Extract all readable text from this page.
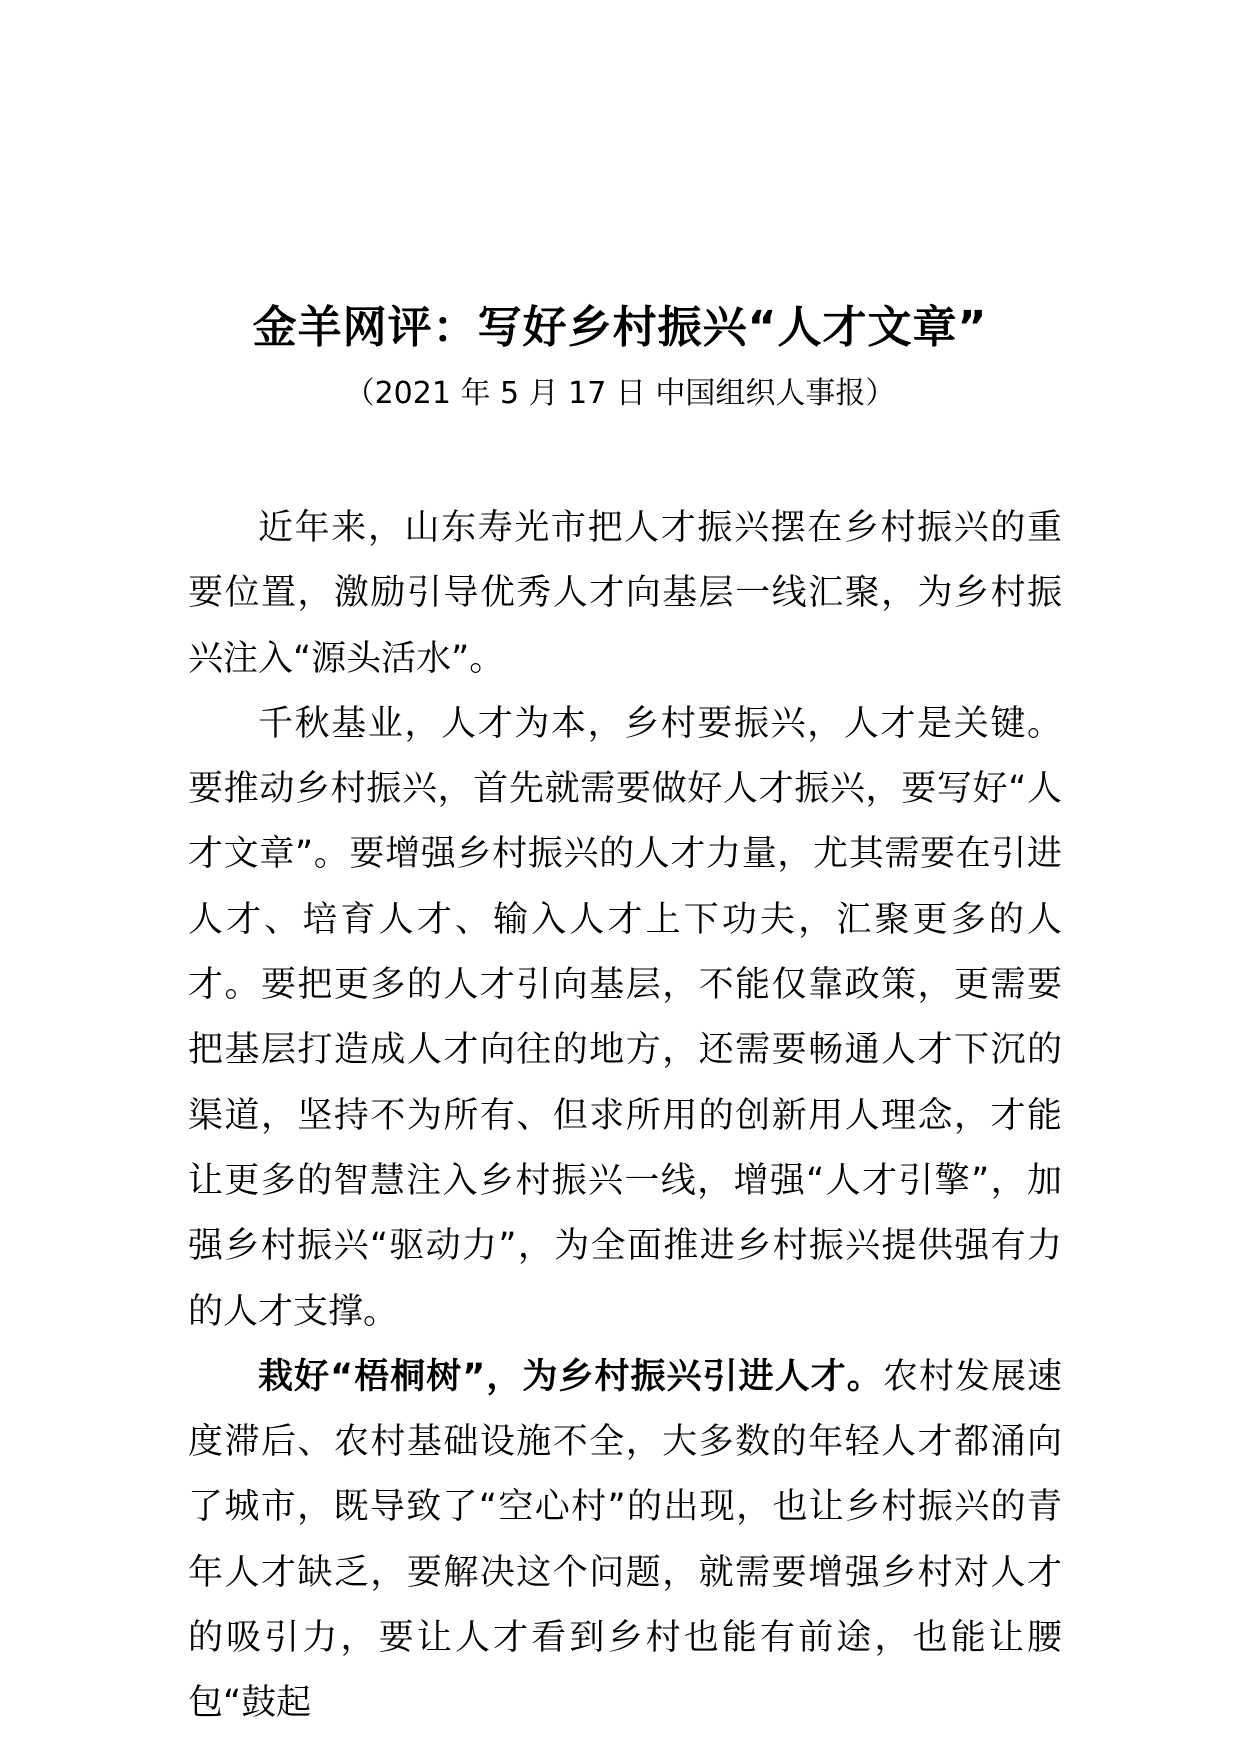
金羊网评：写好乡村振兴“人才文章”
（2021 年 5 月 17 日 中国组织人事报）

近年来，山东寿光市把人才振兴摆在乡村振兴的重要位置，激励引导优秀人才向基层一线汇聚，为乡村振兴注入“源头活水”。

千秋基业，人才为本，乡村要振兴，人才是关键。要推动乡村振兴，首先就需要做好人才振兴，要写好“人才文章”。要增强乡村振兴的人才力量，尤其需要在引进人才、培育人才、输入人才上下功夫，汇聚更多的人才。要把更多的人才引向基层，不能仅靠政策，更需要把基层打造成人才向往的地方，还需要畅通人才下沉的渠道，坚持不为所有、但求所用的创新用人理念，才能让更多的智慧注入乡村振兴一线，增强“人才引擎”，加强乡村振兴“驱动力”，为全面推进乡村振兴提供强有力的人才支撑。

栽好“梧桐树”，为乡村振兴引进人才。农村发展速度滞后、农村基础设施不全，大多数的年轻人才都涌向了城市，既导致了“空心村”的出现，也让乡村振兴的青年人才缺乏，要解决这个问题，就需要增强乡村对人才的吸引力，要让人才看到乡村也能有前途，也能让腰包“鼓起
